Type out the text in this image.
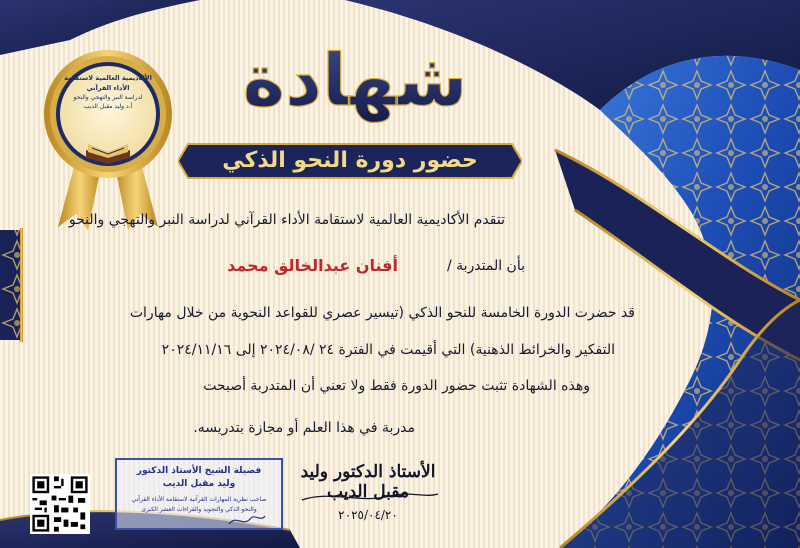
شهادة
حضور دورة النحو الذكي
الأكاديمية العالمية لاستقامة
الأداء القرآني
لدراسة النبر والتهجي والنحو
أ.د وليد مقبل الديب
تتقدم الأكاديمية العالمية لاستقامة الأداء القرآني لدراسة النبر والتهجي والنحو
بأن المتدربة /
أفنان عبدالخالق محمد
قد حضرت الدورة الخامسة للنحو الذكي (تيسير عصري للقواعد النحوية من خلال مهارات
التفكير والخرائط الذهنية) التي أقيمت في الفترة ٢٤ /٢٠٢٤/٠٨ إلى ٢٠٢٤/١١/١٦
وهذه الشهادة تثبت حضور الدورة فقط ولا تعني أن المتدربة أصبحت
مدربة في هذا العلم أو مجازة بتدريسه.
الأستاذ الدكتور وليد مقبل الديب
٢٠٢٥/٠٤/٢٠
فضيلة الشيخ الأستاذ الدكتور
وليد مقبل الديب
صاحب نظرية المهارات القرآنية لاستقامة الأداء القرآني
والنحو الذكي والتجويد والقراءات العشر الكبرى
